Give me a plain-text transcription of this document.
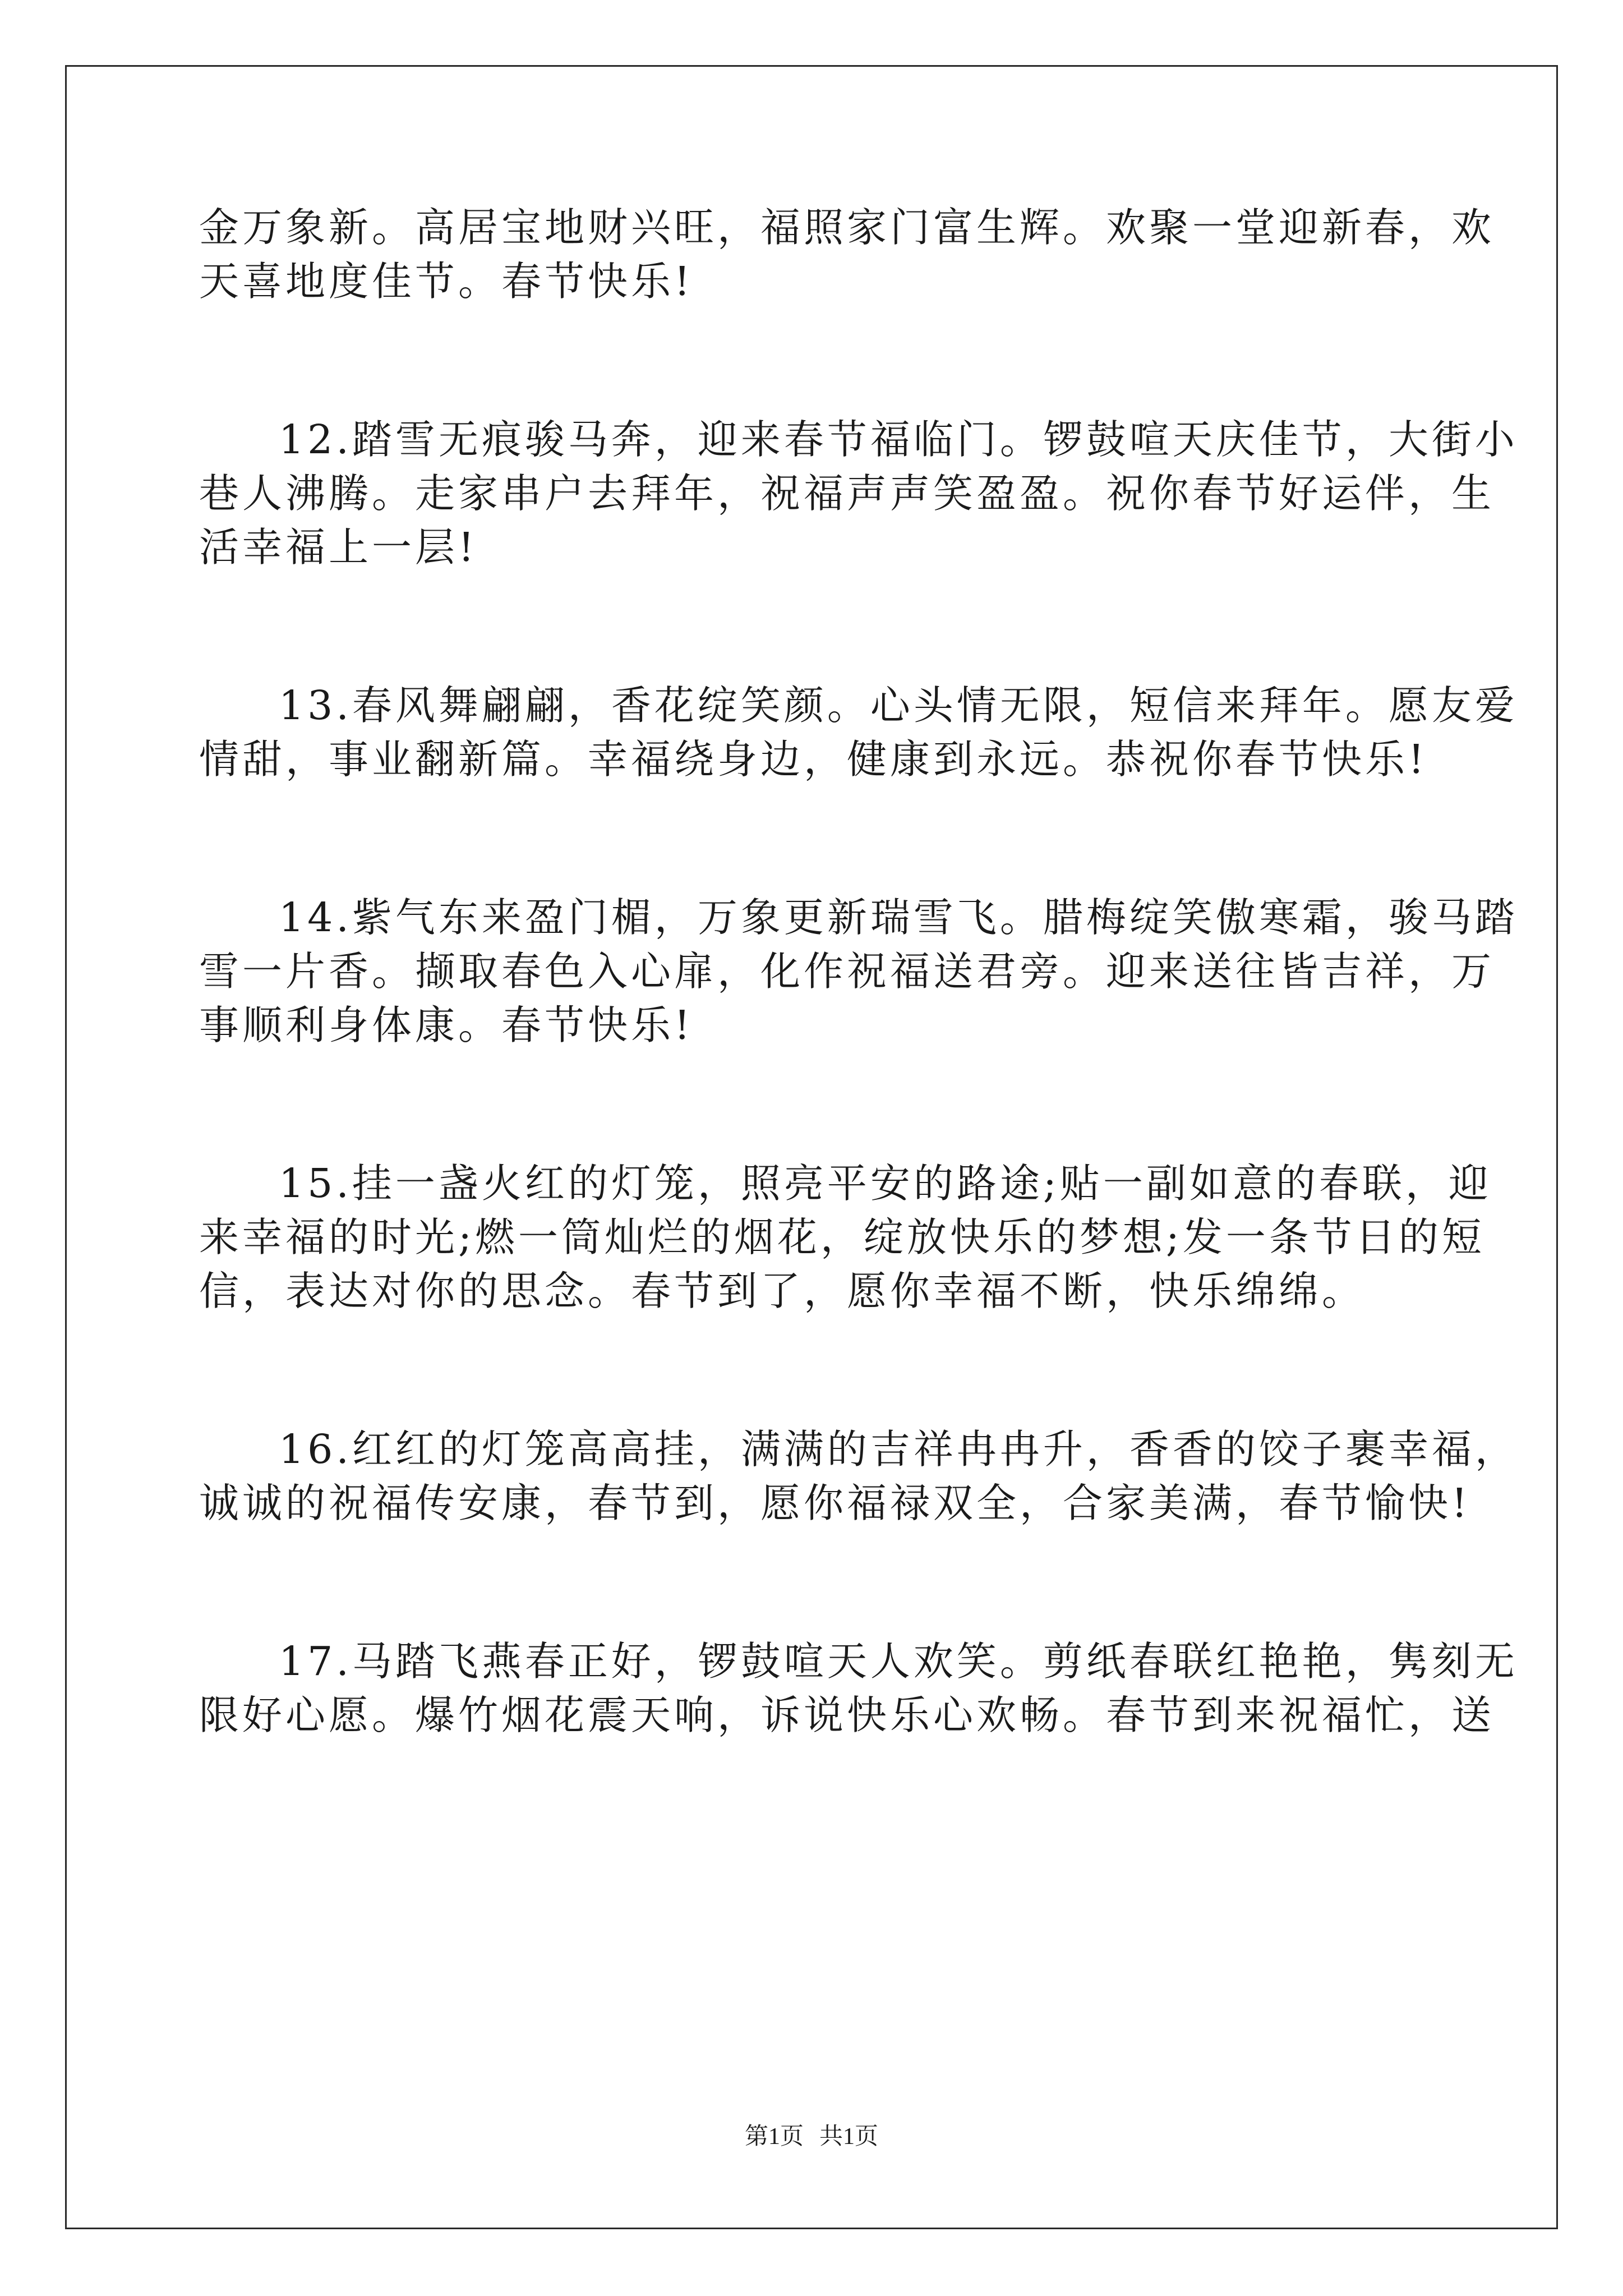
金万象新。高居宝地财兴旺，福照家门富生辉。欢聚一堂迎新春，欢
天喜地度佳节。春节快乐!
12.踏雪无痕骏马奔，迎来春节福临门。锣鼓喧天庆佳节，大街小
巷人沸腾。走家串户去拜年，祝福声声笑盈盈。祝你春节好运伴，生
活幸福上一层!
13.春风舞翩翩，香花绽笑颜。心头情无限，短信来拜年。愿友爱
情甜，事业翻新篇。幸福绕身边，健康到永远。恭祝你春节快乐!
14.紫气东来盈门楣，万象更新瑞雪飞。腊梅绽笑傲寒霜，骏马踏
雪一片香。撷取春色入心扉，化作祝福送君旁。迎来送往皆吉祥，万
事顺利身体康。春节快乐!
15.挂一盏火红的灯笼，照亮平安的路途;贴一副如意的春联，迎
来幸福的时光;燃一筒灿烂的烟花，绽放快乐的梦想;发一条节日的短
信，表达对你的思念。春节到了，愿你幸福不断，快乐绵绵。
16.红红的灯笼高高挂，满满的吉祥冉冉升，香香的饺子裹幸福，
诚诚的祝福传安康，春节到，愿你福禄双全，合家美满，春节愉快!
17.马踏飞燕春正好，锣鼓喧天人欢笑。剪纸春联红艳艳，隽刻无
限好心愿。爆竹烟花震天响，诉说快乐心欢畅。春节到来祝福忙，送
第1页 共1页
